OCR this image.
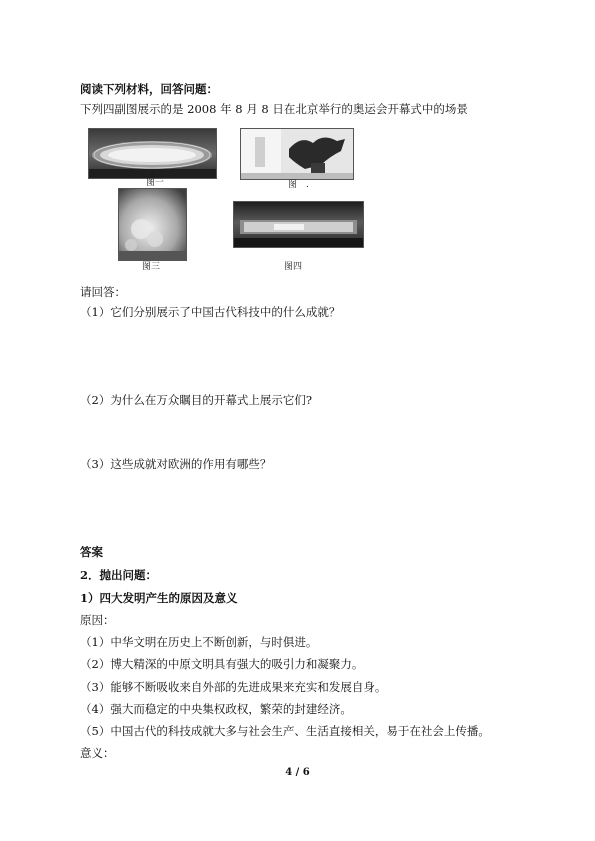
阅读下列材料，回答问题：
下列四副图展示的是 2008 年 8 月 8 日在北京举行的奥运会开幕式中的场景
图一	图 .
图三	图四
请回答：
（1）它们分别展示了中国古代科技中的什么成就？
（2）为什么在万众瞩目的开幕式上展示它们?
（3）这些成就对欧洲的作用有哪些？
答案
2．抛出问题：
1）四大发明产生的原因及意义
原因：
（1）中华文明在历史上不断创新，与时俱进。
（2）博大精深的中原文明具有强大的吸引力和凝聚力。
（3）能够不断吸收来自外部的先进成果来充实和发展自身。
（4）强大而稳定的中央集权政权，繁荣的封建经济。
（5）中国古代的科技成就大多与社会生产、生活直接相关，易于在社会上传播。
意义：
4 / 6
